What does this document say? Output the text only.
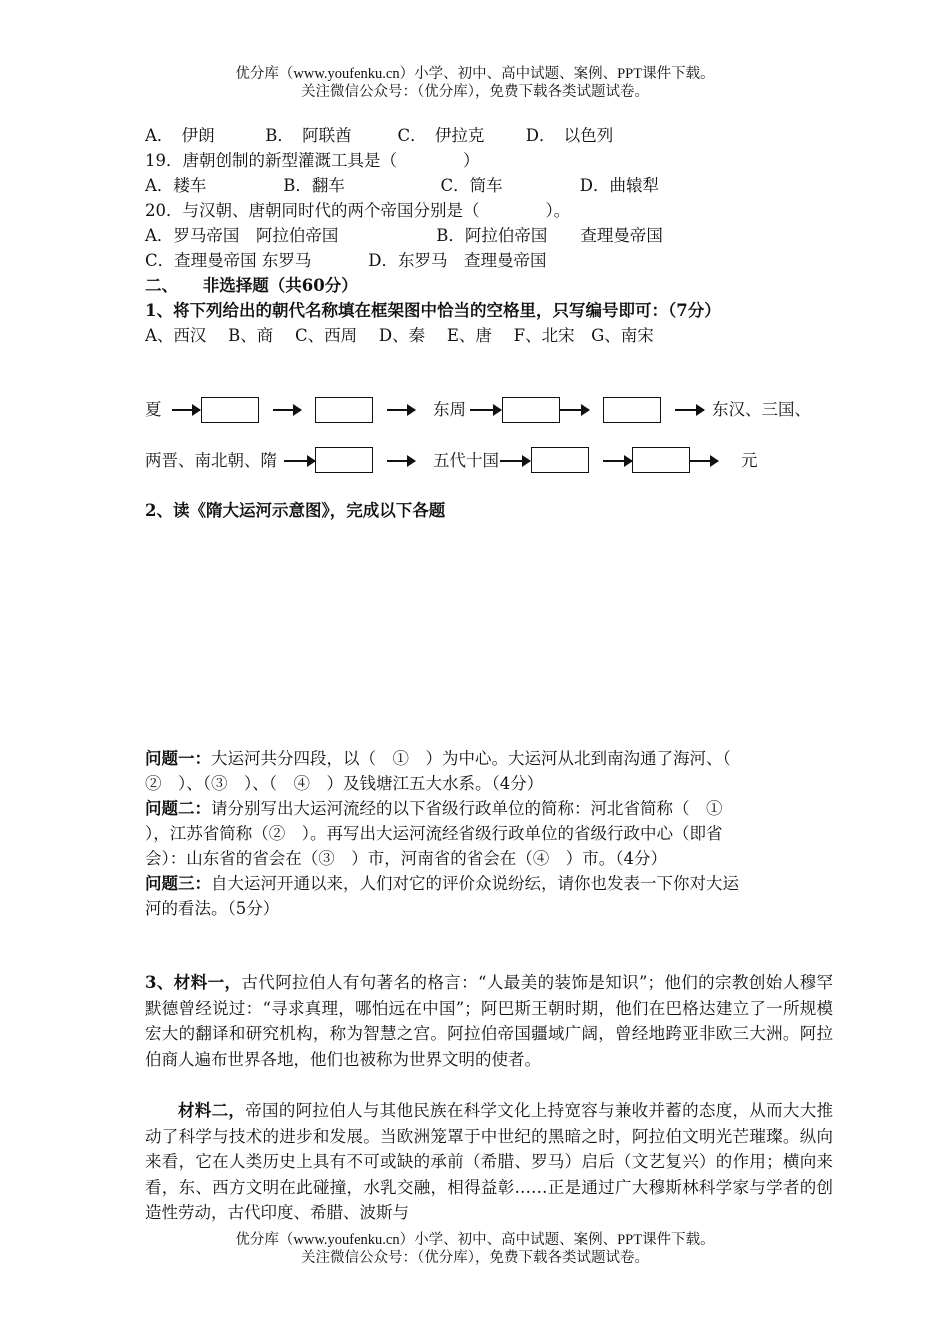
优分库（www.youfenku.cn）小学、初中、高中试题、案例、PPT课件下载。
关注微信公众号：（优分库），免费下载各类试题试卷。
A．　伊朗	B．　阿联酋	C．　伊拉克	D．　以色列
19．唐朝创制的新型灌溉工具是（　　　　）
A．耧车	B．翻车	C．筒车	D．曲辕犁
20．与汉朝、唐朝同时代的两个帝国分别是（　　　　）。
A．罗马帝国　阿拉伯帝国	B．阿拉伯帝国　　查理曼帝国
C．查理曼帝国 东罗马	D．东罗马　查理曼帝国
二、　　非选择题（共60分）
1、将下列给出的朝代名称填在框架图中恰当的空格里，只写编号即可：（7分）
A、西汉　 B、商　 C、西周　 D、秦　 E、唐　 F、北宋　G、南宋
夏	东周	东汉、三国、
两晋、南北朝、隋	五代十国	元
2、读《隋大运河示意图》，完成以下各题
问题一：大运河共分四段，以（　①　）为中心。大运河从北到南沟通了海河、（
②　）、（③　）、（　④　）及钱塘江五大水系。（4分）
问题二：请分别写出大运河流经的以下省级行政单位的简称：河北省简称（　①
），江苏省简称（②　）。再写出大运河流经省级行政单位的省级行政中心（即省
会）：山东省的省会在（③　）市，河南省的省会在（④　）市。（4分）
问题三：自大运河开通以来，人们对它的评价众说纷纭，请你也发表一下你对大运
河的看法。（5分）
3、材料一，古代阿拉伯人有句著名的格言：“人最美的装饰是知识”；他们的宗教创始人穆罕默德曾经说过：“寻求真理，哪怕远在中国”；阿巴斯王朝时期，他们在巴格达建立了一所规模宏大的翻译和研究机构，称为智慧之宫。阿拉伯帝国疆域广阔，曾经地跨亚非欧三大洲。阿拉伯商人遍布世界各地，他们也被称为世界文明的使者。
材料二，帝国的阿拉伯人与其他民族在科学文化上持宽容与兼收并蓄的态度，从而大大推动了科学与技术的进步和发展。当欧洲笼罩于中世纪的黑暗之时，阿拉伯文明光芒璀璨。纵向来看，它在人类历史上具有不可或缺的承前（希腊、罗马）启后（文艺复兴）的作用；横向来看，东、西方文明在此碰撞，水乳交融，相得益彰……正是通过广大穆斯林科学家与学者的创造性劳动，古代印度、希腊、波斯与
优分库（www.youfenku.cn）小学、初中、高中试题、案例、PPT课件下载。
关注微信公众号：（优分库），免费下载各类试题试卷。
